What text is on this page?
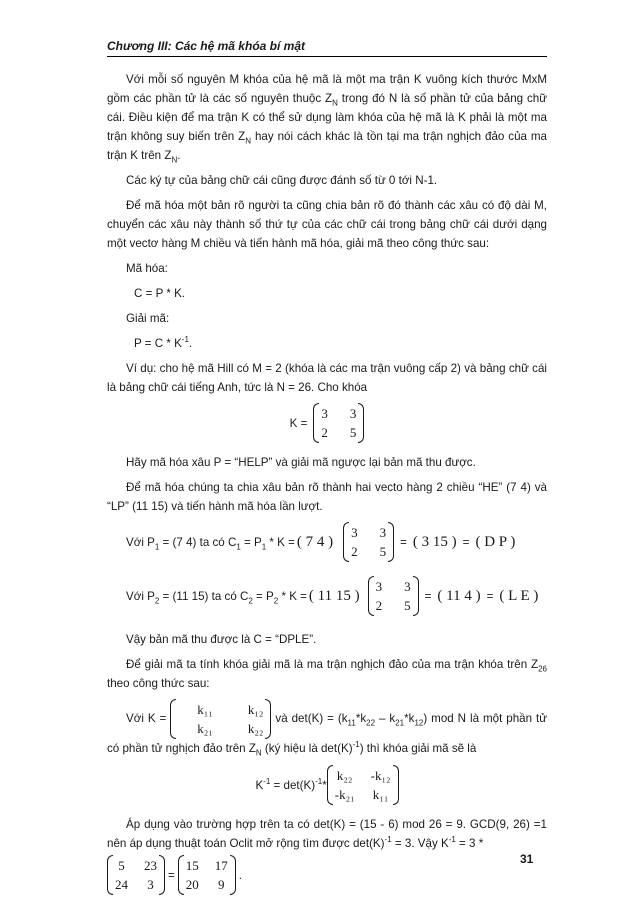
Chương III: Các hệ mã khóa bí mật

Với mỗi số nguyên M khóa của hệ mã là một ma trận K vuông kích thước MxM gồm các phần tử là các số nguyên thuộc $Z_N$ trong đó N là số phần tử của bảng chữ cái. Điều kiện để ma trận K có thể sử dụng làm khóa của hệ mã là K phải là một ma trận không suy biến trên $Z_N$ hay nói cách khác là tồn tại ma trận nghịch đảo của ma trận K trên $Z_N$.

Các ký tự của bảng chữ cái cũng được đánh số từ 0 tới N-1.

Để mã hóa một bản rõ người ta cũng chia bản rõ đó thành các xâu có độ dài M, chuyển các xâu này thành số thứ tự của các chữ cái trong bảng chữ cái dưới dạng một vectơ hàng M chiều và tiến hành mã hóa, giải mã theo công thức sau:

Mã hóa:

C = P * K.

Giải mã:

$P = C * K^{-1}$.

Ví dụ: cho hệ mã Hill có M = 2 (khóa là các ma trận vuông cấp 2) và bảng chữ cái là bảng chữ cái tiếng Anh, tức là N = 26. Cho khóa

K =
3 3
2 5

Hãy mã hóa xâu P = “HELP” và giải mã ngược lại bản mã thu được.

Để mã hóa chúng ta chia xâu bản rõ thành hai vecto hàng 2 chiều “HE” (7 4) và “LP” (11 15) và tiến hành mã hóa lần lượt.

Với $P_1 = (7$ 4) ta có $C_1 = P_1 * K$ = ( 7 4 )
3 3
2 5
= ( 3 15 ) = ( D P )
Với $P_2 = (11$ 15) ta có $C_2 = P_2 * K$ = ( 11 15 )
3 3
2 5
= ( 11 4 ) = ( L E )

Vậy bản mã thu được là C = “DPLE”.

Để giải mã ta tính khóa giải mã là ma trận nghịch đảo của ma trận khóa trên $Z_{26}$ theo công thức sau:

Với K =
k₁₁	k₁₂
k₂₁	k₂₂
và $\det(K) = (k_{11}*k_{22} - k_{21}*k_{12})$ mod N là một phần tử có phần tử nghịch đảo trên $Z_N$ (ký hiệu là $\det(K)^{-1}$) thì khóa giải mã sẽ là

$K^{-1} = \det(K)^{-1}*$
k₂₂ -k₁₂
-k₂₁ k₁₁

Áp dụng vào trường hợp trên ta có det(K) = (15 - 6) mod 26 = 9. GCD(9, 26) =1 nên áp dụng thuật toán Oclit mở rộng tìm được $\det(K)^{-1} = 3$. Vậy $K^{-1} = 3$ *

5 23
24 3
=
15 17
20 9
.
31
